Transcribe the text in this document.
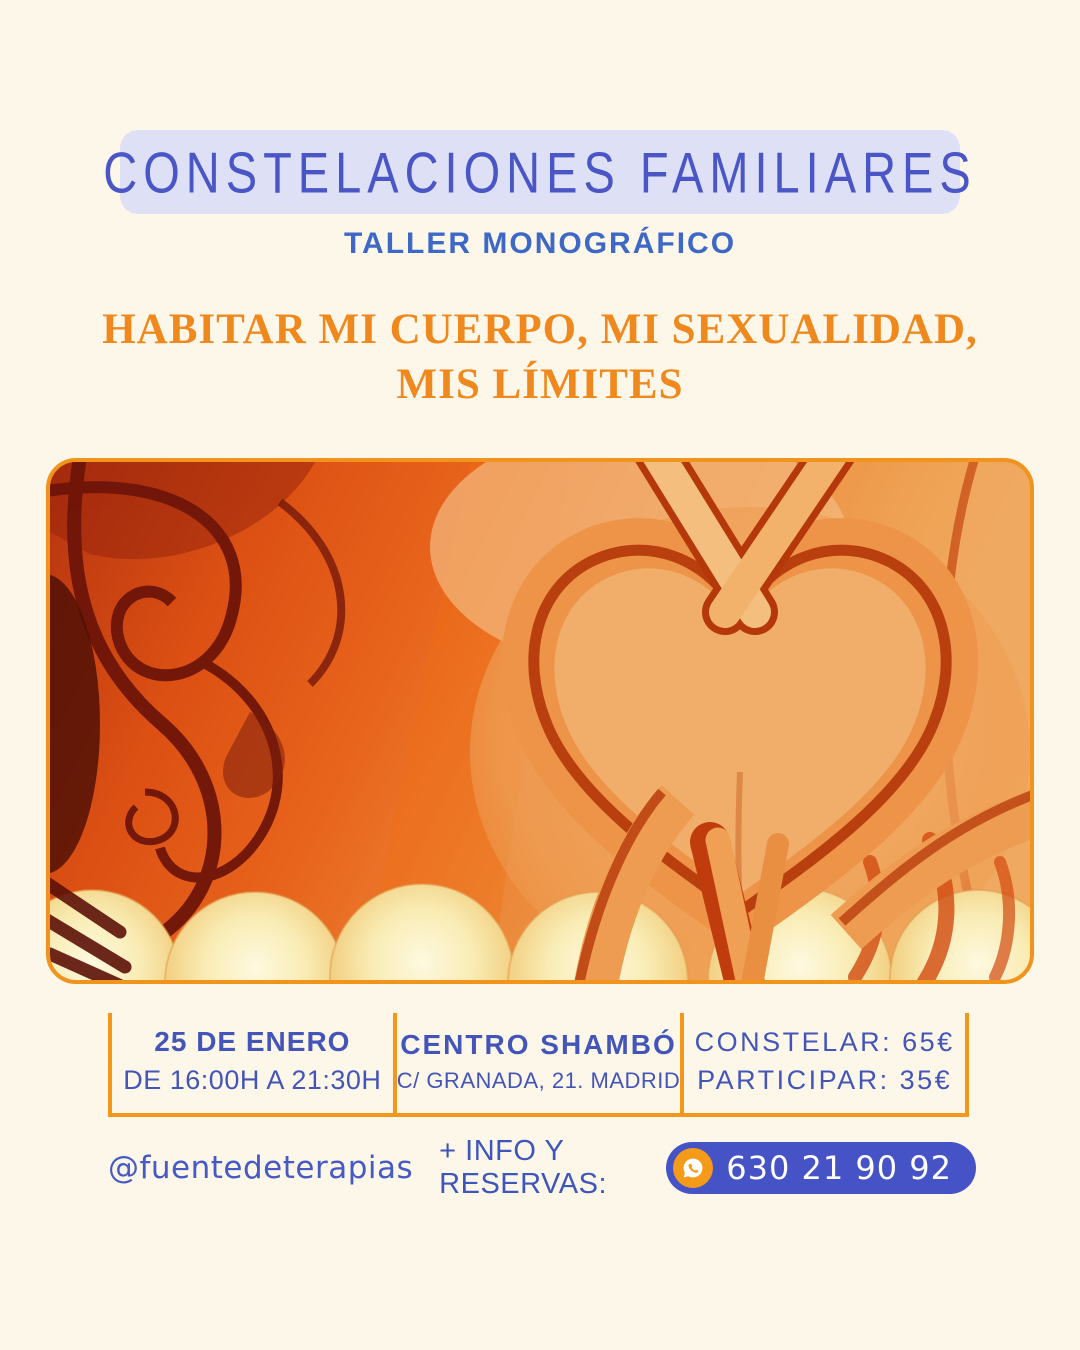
CONSTELACIONES FAMILIARES
TALLER MONOGRÁFICO
HABITAR MI CUERPO, MI SEXUALIDAD,
MIS LÍMITES
25 DE ENERO
DE 16:00H A 21:30H
CENTRO SHAMBÓ
C/ GRANADA, 21. MADRID
CONSTELAR: 65€
PARTICIPAR: 35€
@fuentedeterapias + INFO Y RESERVAS:	630 21 90 92
